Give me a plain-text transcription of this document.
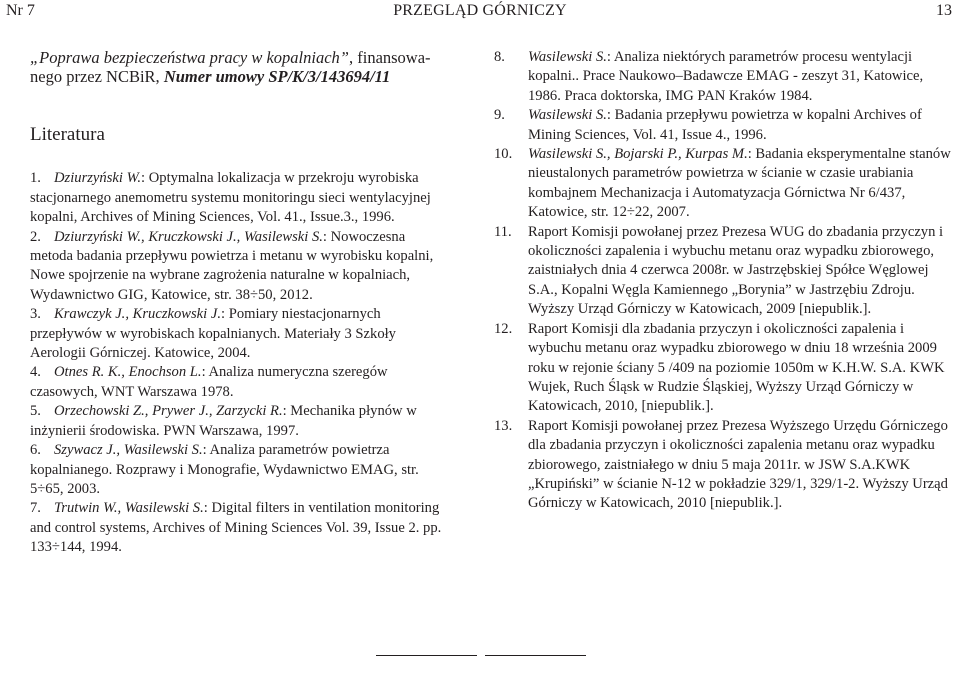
Nr 7	PRZEGLĄD GÓRNICZY	13

„Poprawa bezpieczeństwa pracy w kopalniach”, finansowa-nego przez NCBiR, Numer umowy SP/K/3/143694/11

Literatura
1. Dziurzyński W.: Optymalna lokalizacja w przekroju wyrobiska stacjonarnego anemometru systemu monitoringu sieci wentylacyjnej kopalni, Archives of Mining Sciences, Vol. 41., Issue.3., 1996.
2. Dziurzyński W., Kruczkowski J., Wasilewski S.: Nowoczesna metoda badania przepływu powietrza i metanu w wyrobisku kopalni, Nowe spojrzenie na wybrane zagrożenia naturalne w kopalniach, Wydawnictwo GIG, Katowice, str. 38÷50, 2012.
3. Krawczyk J., Kruczkowski J.: Pomiary niestacjonarnych przepływów w wyrobiskach kopalnianych. Materiały 3 Szkoły Aerologii Górniczej. Katowice, 2004.
4. Otnes R. K., Enochson L.: Analiza numeryczna szeregów czasowych, WNT Warszawa 1978.
5. Orzechowski Z., Prywer J., Zarzycki R.: Mechanika płynów w inżynierii środowiska. PWN Warszawa, 1997.
6. Szywacz J., Wasilewski S.: Analiza parametrów powietrza kopalnianego. Rozprawy i Monografie, Wydawnictwo EMAG, str. 5÷65, 2003.
7. Trutwin W., Wasilewski S.: Digital filters in ventilation monitoring and control systems, Archives of Mining Sciences Vol. 39, Issue 2. pp. 133÷144, 1994.
8.	Wasilewski S.: Analiza niektórych parametrów procesu wentylacji kopalni.. Prace Naukowo–Badawcze EMAG - zeszyt 31, Katowice, 1986. Praca doktorska, IMG PAN Kraków 1984.
9.	Wasilewski S.: Badania przepływu powietrza w kopalni Archives of Mining Sciences, Vol. 41, Issue 4., 1996.
10.	Wasilewski S., Bojarski P., Kurpas M.: Badania eksperymentalne stanów nieustalonych parametrów powietrza w ścianie w czasie urabiania kombajnem Mechanizacja i Automatyzacja Górnictwa Nr 6/437, Katowice, str. 12÷22, 2007.
11.	Raport Komisji powołanej przez Prezesa WUG do zbadania przyczyn i okoliczności zapalenia i wybuchu metanu oraz wypadku zbiorowego, zaistniałych dnia 4 czerwca 2008r. w Jastrzębskiej Spółce Węglowej S.A., Kopalni Węgla Kamiennego „Borynia” w Jastrzębiu Zdroju. Wyższy Urząd Górniczy w Katowicach, 2009 [niepublik.].
12.	Raport Komisji dla zbadania przyczyn i okoliczności zapalenia i wybuchu metanu oraz wypadku zbiorowego w dniu 18 września 2009 roku w rejonie ściany 5 /409 na poziomie 1050m w K.H.W. S.A. KWK Wujek, Ruch Śląsk w Rudzie Śląskiej, Wyższy Urząd Górniczy w Katowicach, 2010, [niepublik.].
13.	Raport Komisji powołanej przez Prezesa Wyższego Urzędu Górniczego dla zbadania przyczyn i okoliczności zapalenia metanu oraz wypadku zbiorowego, zaistniałego w dniu 5 maja 2011r. w JSW S.A.KWK „Krupiński” w ścianie N-12 w pokładzie 329/1, 329/1-2. Wyższy Urząd Górniczy w Katowicach, 2010 [niepublik.].
